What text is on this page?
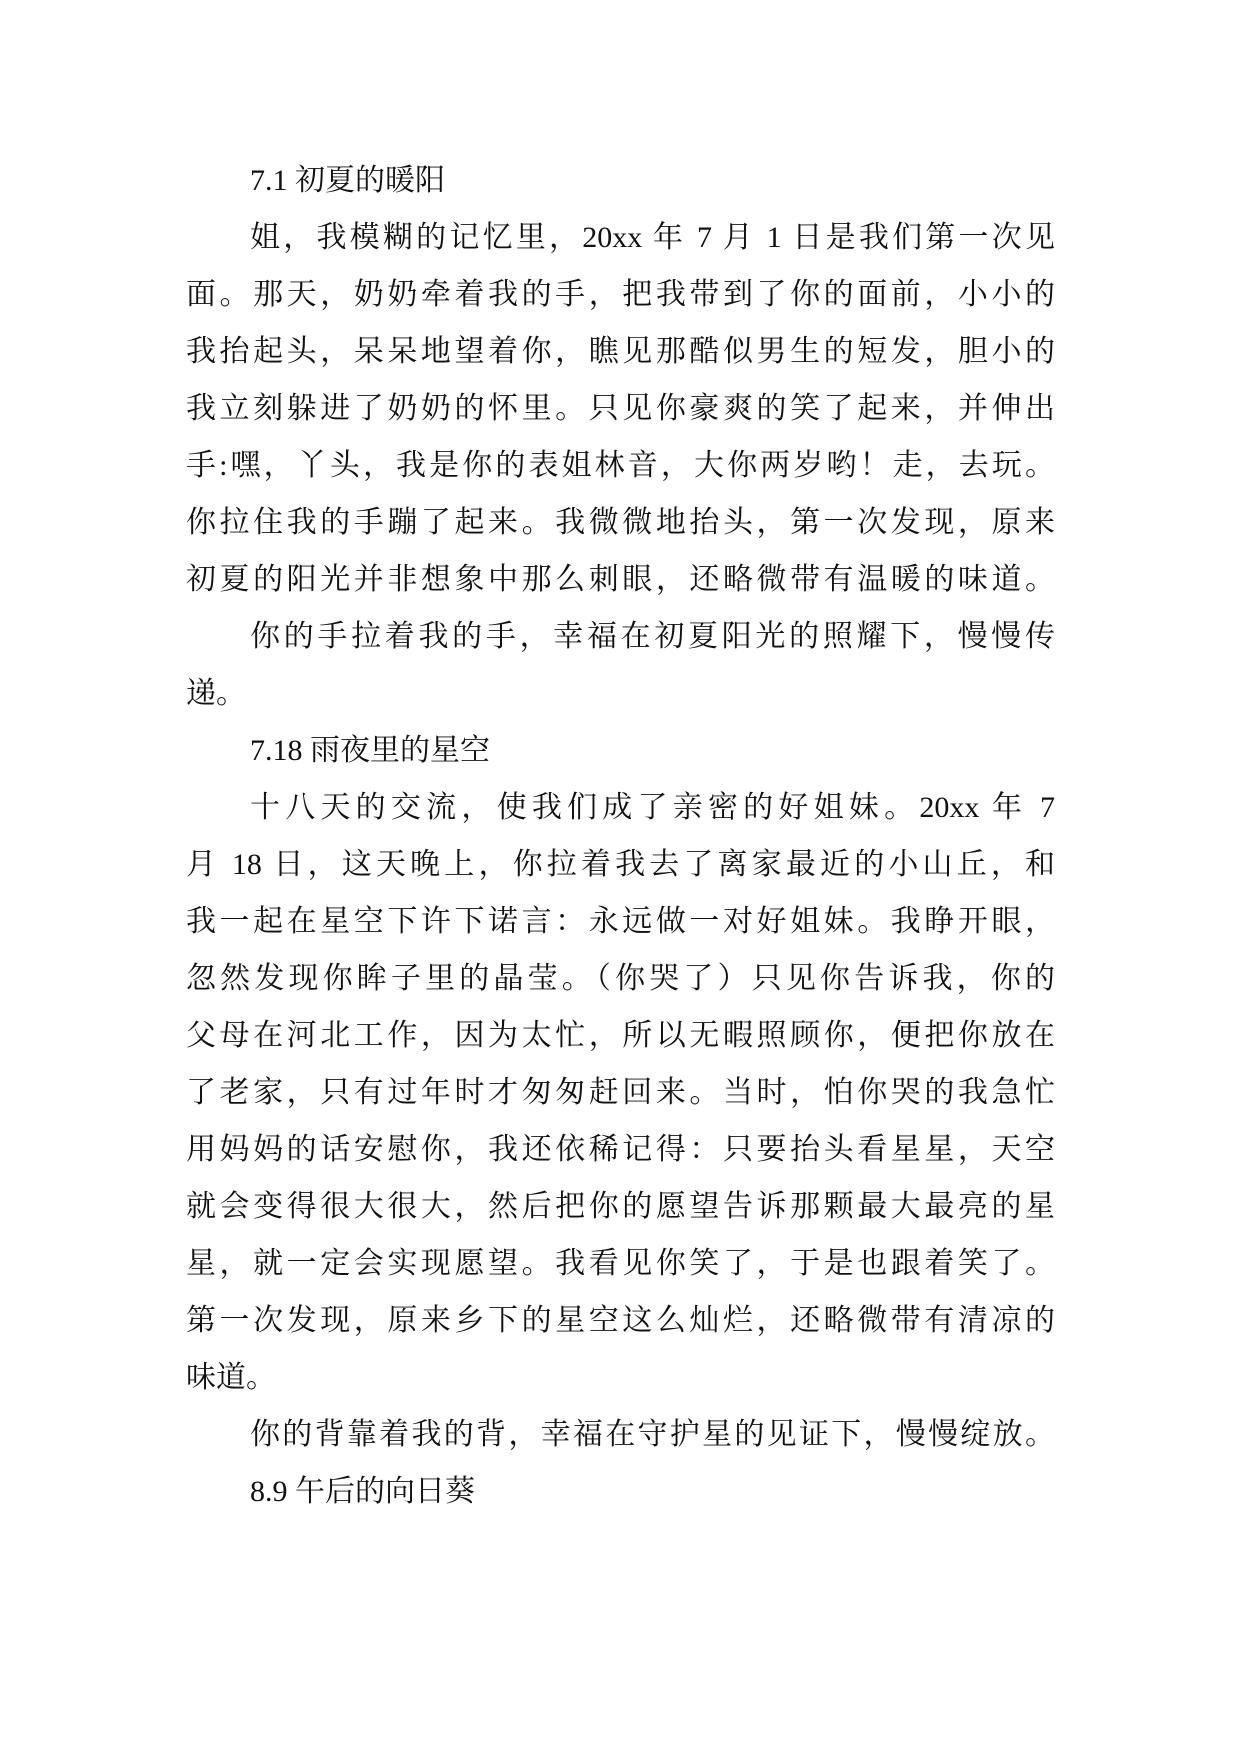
7.1 初夏的暖阳
姐，我模糊的记忆里，20xx 年 7 月 1 日是我们第一次见
面。那天，奶奶牵着我的手，把我带到了你的面前，小小的
我抬起头，呆呆地望着你，瞧见那酷似男生的短发，胆小的
我立刻躲进了奶奶的怀里。只见你豪爽的笑了起来，并伸出
手:嘿，丫头，我是你的表姐林音，大你两岁哟！走，去玩。
你拉住我的手蹦了起来。我微微地抬头，第一次发现，原来
初夏的阳光并非想象中那么刺眼，还略微带有温暖的味道。
你的手拉着我的手，幸福在初夏阳光的照耀下，慢慢传
递。
7.18 雨夜里的星空
十八天的交流，使我们成了亲密的好姐妹。20xx 年 7
月 18 日，这天晚上，你拉着我去了离家最近的小山丘，和
我一起在星空下许下诺言：永远做一对好姐妹。我睁开眼，
忽然发现你眸子里的晶莹。（你哭了）只见你告诉我，你的
父母在河北工作，因为太忙，所以无暇照顾你，便把你放在
了老家，只有过年时才匆匆赶回来。当时，怕你哭的我急忙
用妈妈的话安慰你，我还依稀记得：只要抬头看星星，天空
就会变得很大很大，然后把你的愿望告诉那颗最大最亮的星
星，就一定会实现愿望。我看见你笑了，于是也跟着笑了。
第一次发现，原来乡下的星空这么灿烂，还略微带有清凉的
味道。
你的背靠着我的背，幸福在守护星的见证下，慢慢绽放。
8.9 午后的向日葵
